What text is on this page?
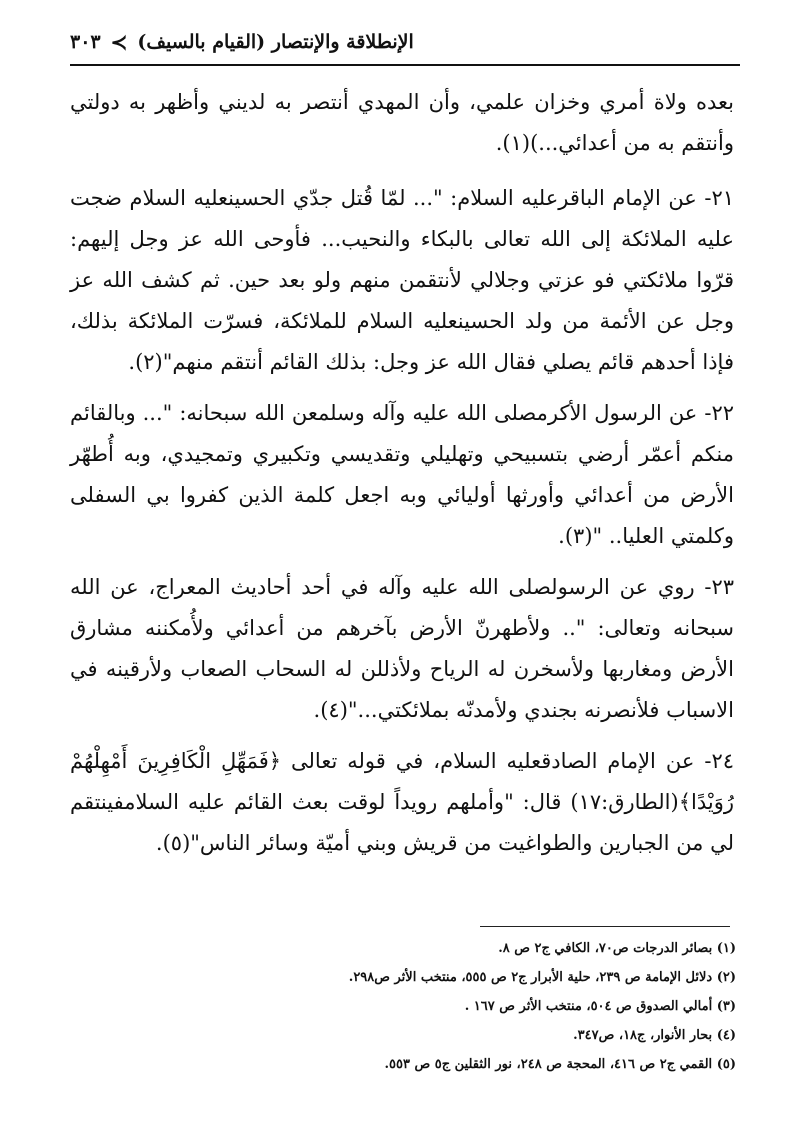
الإنطلاقة والإنتصار (القيام بالسيف)
≻
٣٠٣

بعده ولاة أمري وخزان علمي، وأن المهدي أنتصر به لديني وأظهر به دولتي وأنتقم به من أعدائي...)(١).

٢١- عن الإمام الباقرعليه السلام: "... لمّا قُتل جدّي الحسينعليه السلام ضجت عليه الملائكة إلى الله تعالى بالبكاء والنحيب... فأوحى الله عز وجل إليهم: قرّوا ملائكتي فو عزتي وجلالي لأنتقمن منهم ولو بعد حين. ثم كشف الله عز وجل عن الأئمة من ولد الحسينعليه السلام للملائكة، فسرّت الملائكة بذلك، فإذا أحدهم قائم يصلي فقال الله عز وجل: بذلك القائم أنتقم منهم"(٢).

٢٢- عن الرسول الأكرمصلى الله عليه وآله وسلمعن الله سبحانه: "... وبالقائم منكم أعمّر أرضي بتسبيحي وتهليلي وتقديسي وتكبيري وتمجيدي، وبه أُطهّر الأرض من أعدائي وأورثها أوليائي وبه اجعل كلمة الذين كفروا بي السفلى وكلمتي العليا.. "(٣).

٢٣- روي عن الرسولصلى الله عليه وآله في أحد أحاديث المعراج، عن الله سبحانه وتعالى: ".. ولأطهرنّ الأرض بآخرهم من أعدائي ولأُمكننه مشارق الأرض ومغاربها ولأسخرن له الرياح ولأذللن له السحاب الصعاب ولأرقينه في الاسباب فلأنصرنه بجندي ولأمدنّه بملائكتي..."(٤).

٢٤- عن الإمام الصادقعليه السلام، في قوله تعالى ﴿فَمَهِّلِ الْكَافِرِينَ أَمْهِلْهُمْ رُوَيْدًا﴾(الطارق:١٧) قال: "وأملهم رويداً لوقت بعث القائم عليه السلامفينتقم لي من الجبارين والطواغيت من قريش وبني أميّة وسائر الناس"(٥).

(١) بصائر الدرجات ص٧٠، الكافي ج٢ ص ٨.
(٢) دلائل الإمامة ص ٢٣٩، حلية الأبرار ج٢ ص ٥٥٥، منتخب الأثر ص٢٩٨.
(٣) أمالي الصدوق ص ٥٠٤، منتخب الأثر ص ١٦٧ .
(٤) بحار الأنوار، ج١٨، ص٣٤٧.
(٥) القمي ج٢ ص ٤١٦، المحجة ص ٢٤٨، نور الثقلين ج٥ ص ٥٥٣.
